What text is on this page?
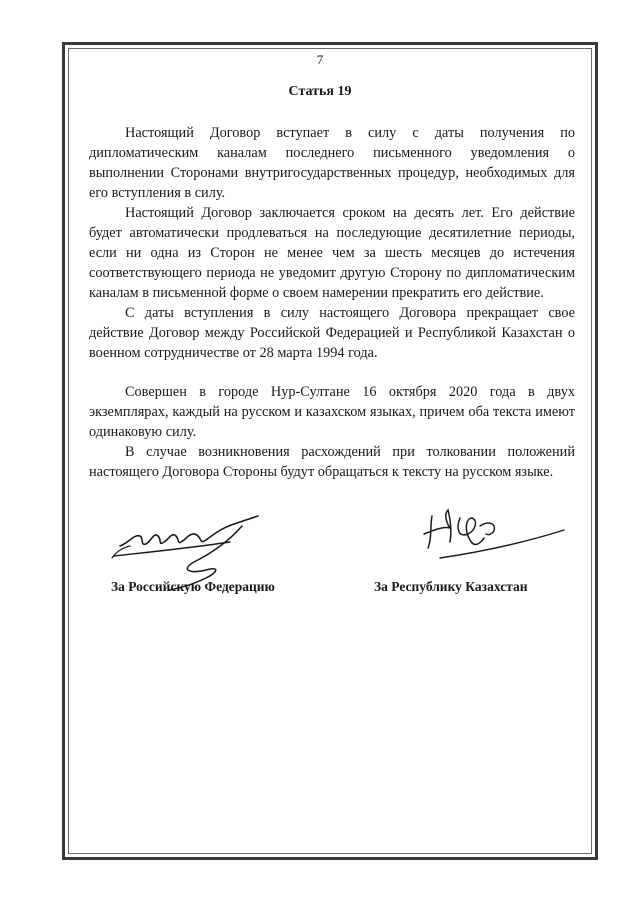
7
Статья 19

Настоящий Договор вступает в силу с даты получения по дипломатическим каналам последнего письменного уведомления о выполнении Сторонами внутригосударственных процедур, необходимых для его вступления в силу.

Настоящий Договор заключается сроком на десять лет. Его действие будет автоматически продлеваться на последующие десятилетние периоды, если ни одна из Сторон не менее чем за шесть месяцев до истечения соответствующего периода не уведомит другую Сторону по дипломатическим каналам в письменной форме о своем намерении прекратить его действие.

С даты вступления в силу настоящего Договора прекращает свое действие Договор между Российской Федерацией и Республикой Казахстан о военном сотрудничестве от 28 марта 1994 года.

Совершен в городе Нур-Султане 16 октября 2020 года в двух экземплярах, каждый на русском и казахском языках, причем оба текста имеют одинаковую силу.

В случае возникновения расхождений при толковании положений настоящего Договора Стороны будут обращаться к тексту на русском языке.

За Российскую Федерацию	За Республику Казахстан
